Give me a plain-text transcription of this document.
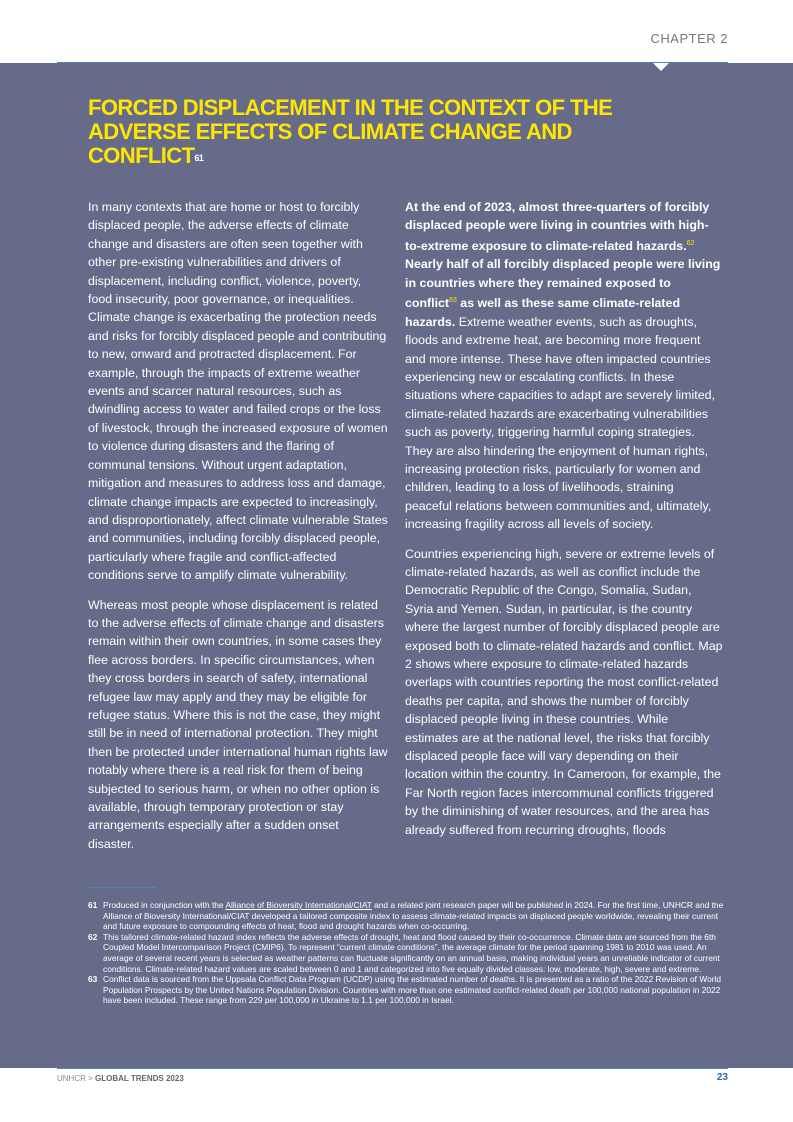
CHAPTER 2
FORCED DISPLACEMENT IN THE CONTEXT OF THE ADVERSE EFFECTS OF CLIMATE CHANGE AND CONFLICT$^{61}$

In many contexts that are home or host to forcibly displaced people, the adverse effects of climate change and disasters are often seen together with other pre-existing vulnerabilities and drivers of displacement, including conflict, violence, poverty, food insecurity, poor governance, or inequalities. Climate change is exacerbating the protection needs and risks for forcibly displaced people and contributing to new, onward and protracted displacement. For example, through the impacts of extreme weather events and scarcer natural resources, such as dwindling access to water and failed crops or the loss of livestock, through the increased exposure of women to violence during disasters and the flaring of communal tensions. Without urgent adaptation, mitigation and measures to address loss and damage, climate change impacts are expected to increasingly, and disproportionately, affect climate vulnerable States and communities, including forcibly displaced people, particularly where fragile and conflict-affected conditions serve to amplify climate vulnerability.

Whereas most people whose displacement is related to the adverse effects of climate change and disasters remain within their own countries, in some cases they flee across borders. In specific circumstances, when they cross borders in search of safety, international refugee law may apply and they may be eligible for refugee status. Where this is not the case, they might still be in need of international protection. They might then be protected under international human rights law notably where there is a real risk for them of being subjected to serious harm, or when no other option is available, through temporary protection or stay arrangements especially after a sudden onset disaster.

At the end of 2023, almost three-quarters of forcibly displaced people were living in countries with high-to-extreme exposure to climate-related hazards.$^{62}$ Nearly half of all forcibly displaced people were living in countries where they remained exposed to conflict$^{63}$ as well as these same climate-related hazards. Extreme weather events, such as droughts, floods and extreme heat, are becoming more frequent and more intense. These have often impacted countries experiencing new or escalating conflicts. In these situations where capacities to adapt are severely limited, climate-related hazards are exacerbating vulnerabilities such as poverty, triggering harmful coping strategies. They are also hindering the enjoyment of human rights, increasing protection risks, particularly for women and children, leading to a loss of livelihoods, straining peaceful relations between communities and, ultimately, increasing fragility across all levels of society.

Countries experiencing high, severe or extreme levels of climate-related hazards, as well as conflict include the Democratic Republic of the Congo, Somalia, Sudan, Syria and Yemen. Sudan, in particular, is the country where the largest number of forcibly displaced people are exposed both to climate-related hazards and conflict. Map 2 shows where exposure to climate-related hazards overlaps with countries reporting the most conflict-related deaths per capita, and shows the number of forcibly displaced people living in these countries. While estimates are at the national level, the risks that forcibly displaced people face will vary depending on their location within the country. In Cameroon, for example, the Far North region faces intercommunal conflicts triggered by the diminishing of water resources, and the area has already suffered from recurring droughts, floods

61 Produced in conjunction with the Alliance of Bioversity International/CIAT and a related joint research paper will be published in 2024. For the first time, UNHCR and the Alliance of Bioversity International/CIAT developed a tailored composite index to assess climate-related impacts on displaced people worldwide, revealing their current and future exposure to compounding effects of heat, flood and drought hazards when co-occurring.
62 This tailored climate-related hazard index reflects the adverse effects of drought, heat and flood caused by their co-occurrence. Climate data are sourced from the 6th Coupled Model Intercomparison Project (CMIP6). To represent “current climate conditions”, the average climate for the period spanning 1981 to 2010 was used. An average of several recent years is selected as weather patterns can fluctuate significantly on an annual basis, making individual years an unreliable indicator of current conditions. Climate-related hazard values are scaled between 0 and 1 and categorized into five equally divided classes: low, moderate, high, severe and extreme.
63 Conflict data is sourced from the Uppsala Conflict Data Program (UCDP) using the estimated number of deaths. It is presented as a ratio of the 2022 Revision of World Population Prospects by the United Nations Population Division. Countries with more than one estimated conflict-related death per 100,000 national population in 2022 have been included. These range from 229 per 100,000 in Ukraine to 1.1 per 100,000 in Israel.
UNHCR > GLOBAL TRENDS 2023	23
